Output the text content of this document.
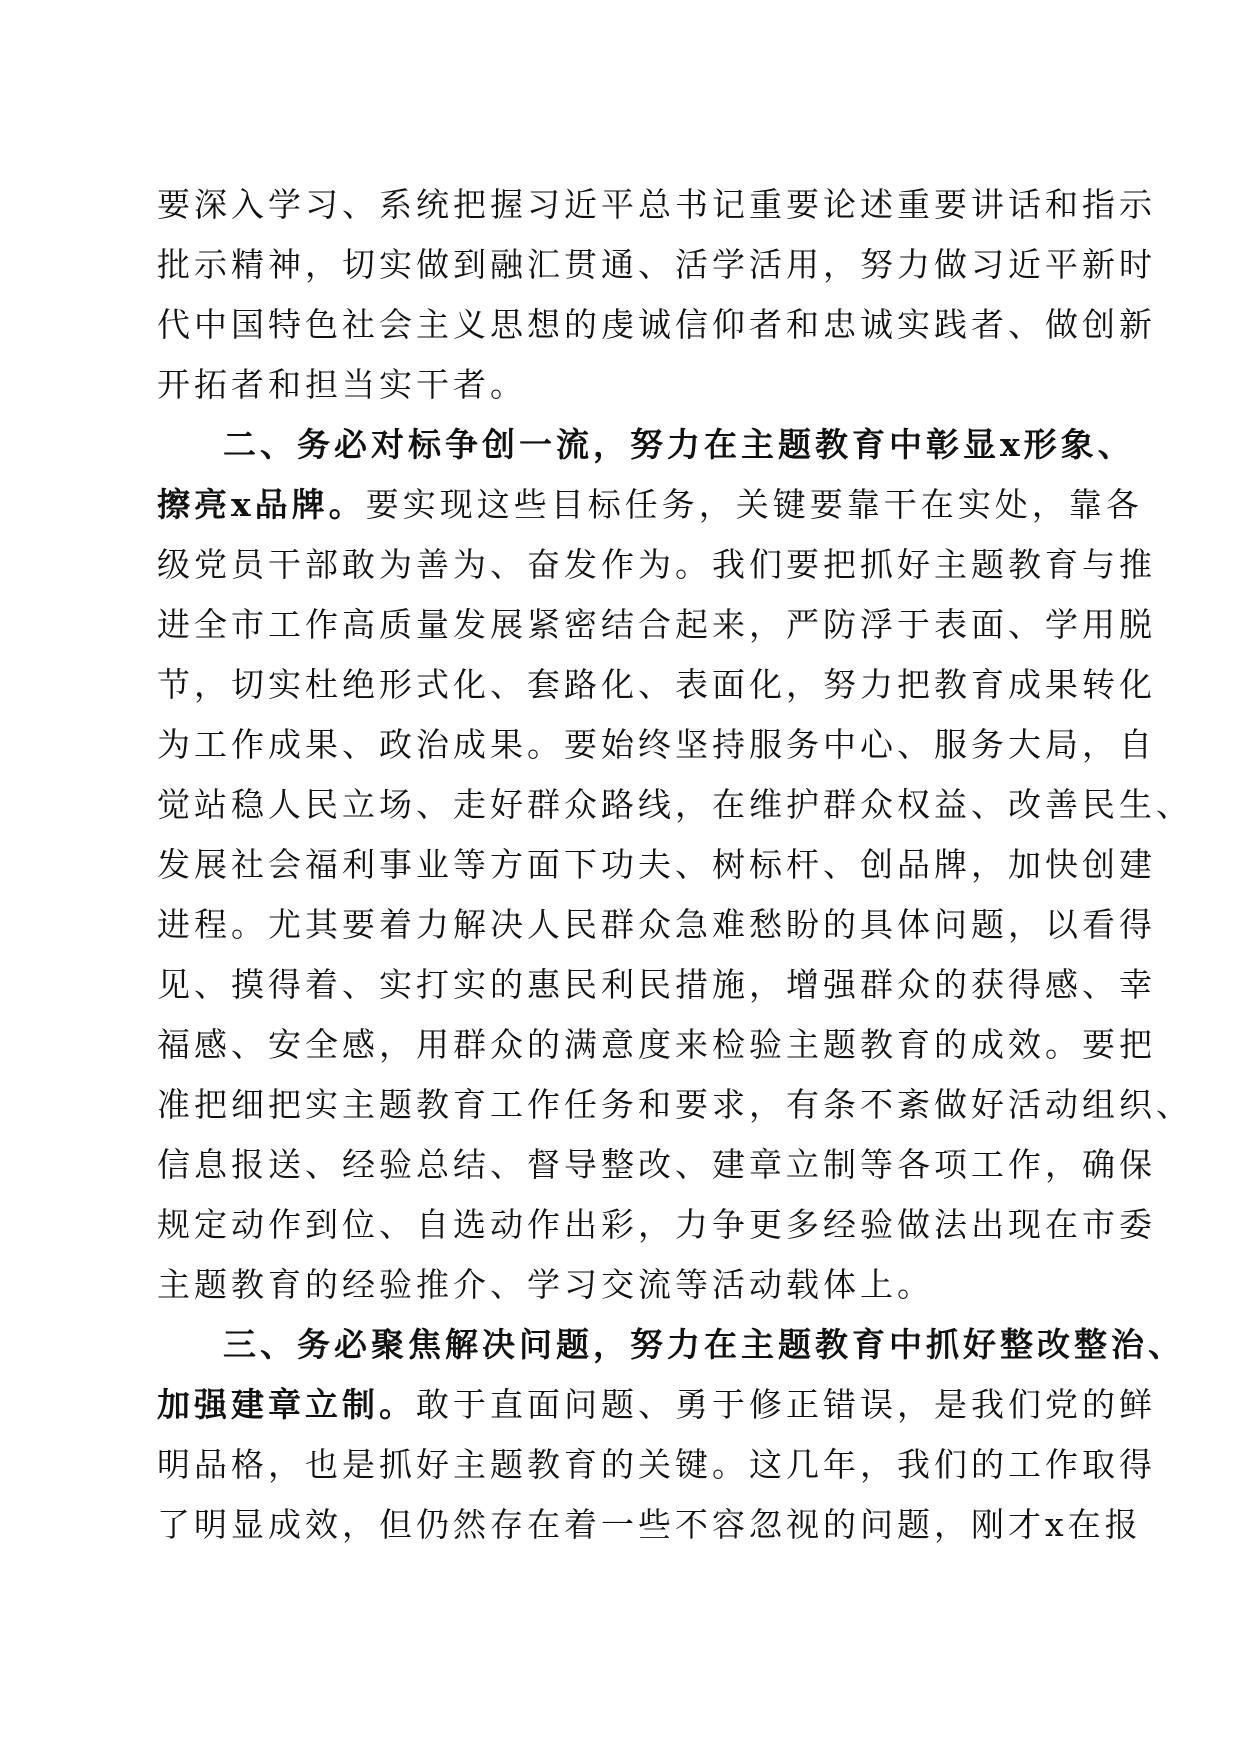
要深入学习、系统把握习近平总书记重要论述重要讲话和指示
批示精神，切实做到融汇贯通、活学活用，努力做习近平新时
代中国特色社会主义思想的虔诚信仰者和忠诚实践者、做创新
开拓者和担当实干者。
二、务必对标争创一流，努力在主题教育中彰显x形象、
擦亮x品牌。要实现这些目标任务，关键要靠干在实处，靠各
级党员干部敢为善为、奋发作为。我们要把抓好主题教育与推
进全市工作高质量发展紧密结合起来，严防浮于表面、学用脱
节，切实杜绝形式化、套路化、表面化，努力把教育成果转化
为工作成果、政治成果。要始终坚持服务中心、服务大局，自
觉站稳人民立场、走好群众路线，在维护群众权益、改善民生、
发展社会福利事业等方面下功夫、树标杆、创品牌，加快创建
进程。尤其要着力解决人民群众急难愁盼的具体问题，以看得
见、摸得着、实打实的惠民利民措施，增强群众的获得感、幸
福感、安全感，用群众的满意度来检验主题教育的成效。要把
准把细把实主题教育工作任务和要求，有条不紊做好活动组织、
信息报送、经验总结、督导整改、建章立制等各项工作，确保
规定动作到位、自选动作出彩，力争更多经验做法出现在市委
主题教育的经验推介、学习交流等活动载体上。
三、务必聚焦解决问题，努力在主题教育中抓好整改整治、
加强建章立制。敢于直面问题、勇于修正错误，是我们党的鲜
明品格，也是抓好主题教育的关键。这几年，我们的工作取得
了明显成效，但仍然存在着一些不容忽视的问题，刚才x在报
